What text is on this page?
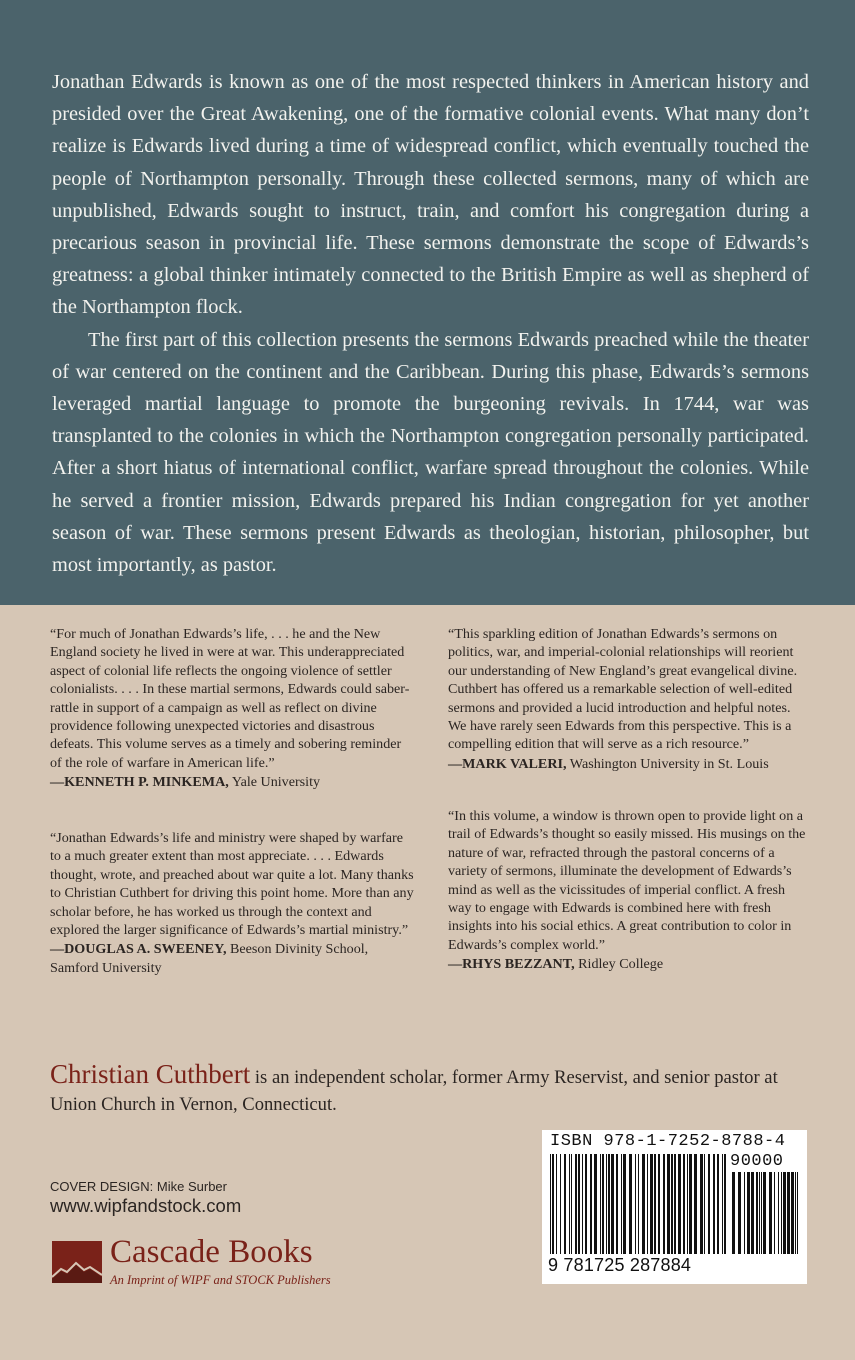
Jonathan Edwards is known as one of the most respected thinkers in American history and presided over the Great Awakening, one of the formative colonial events. What many don’t realize is Edwards lived during a time of widespread conflict, which eventually touched the people of Northampton personally. Through these collected sermons, many of which are unpublished, Edwards sought to instruct, train, and comfort his congregation during a precarious season in provincial life. These sermons demonstrate the scope of Edwards’s greatness: a global thinker intimately connected to the British Empire as well as shepherd of the Northampton flock.

The first part of this collection presents the sermons Edwards preached while the theater of war centered on the continent and the Caribbean. During this phase, Edwards’s sermons leveraged martial language to promote the burgeoning revivals. In 1744, war was transplanted to the colonies in which the Northampton congregation personally participated. After a short hiatus of international conflict, warfare spread throughout the colonies. While he served a frontier mission, Edwards prepared his Indian congregation for yet another season of war. These sermons present Edwards as theologian, historian, philosopher, but most importantly, as pastor.

“For much of Jonathan Edwards’s life, . . . he and the New England society he lived in were at war. This underappreciated aspect of colonial life reflects the ongoing violence of settler colonialists. . . . In these martial sermons, Edwards could saber-rattle in support of a campaign as well as reflect on divine providence following unexpected victories and disastrous defeats. This volume serves as a timely and sobering reminder of the role of warfare in American life.”

—KENNETH P. MINKEMA, Yale University

“Jonathan Edwards’s life and ministry were shaped by warfare to a much greater extent than most appreciate. . . . Edwards thought, wrote, and preached about war quite a lot. Many thanks to Christian Cuthbert for driving this point home. More than any scholar before, he has worked us through the context and explored the larger significance of Edwards’s martial ministry.”

—DOUGLAS A. SWEENEY, Beeson Divinity School, Samford University

“This sparkling edition of Jonathan Edwards’s sermons on politics, war, and imperial-colonial relationships will reorient our understanding of New England’s great evangelical divine. Cuthbert has offered us a remarkable selection of well-edited sermons and provided a lucid introduction and helpful notes. We have rarely seen Edwards from this perspective. This is a compelling edition that will serve as a rich resource.”

—MARK VALERI, Washington University in St. Louis

“In this volume, a window is thrown open to provide light on a trail of Edwards’s thought so easily missed. His musings on the nature of war, refracted through the pastoral concerns of a variety of sermons, illuminate the development of Edwards’s mind as well as the vicissitudes of imperial conflict. A fresh way to engage with Edwards is combined here with fresh insights into his social ethics. A great contribution to color in Edwards’s complex world.”

—RHYS BEZZANT, Ridley College
Christian Cuthbert is an independent scholar, former Army Reservist, and senior pastor at Union Church in Vernon, Connecticut.
COVER DESIGN: Mike Surber
www.wipfandstock.com
Cascade Books
An Imprint of WIPF and STOCK Publishers
ISBN 978-1-7252-8788-4
90000
9 781725 287884
